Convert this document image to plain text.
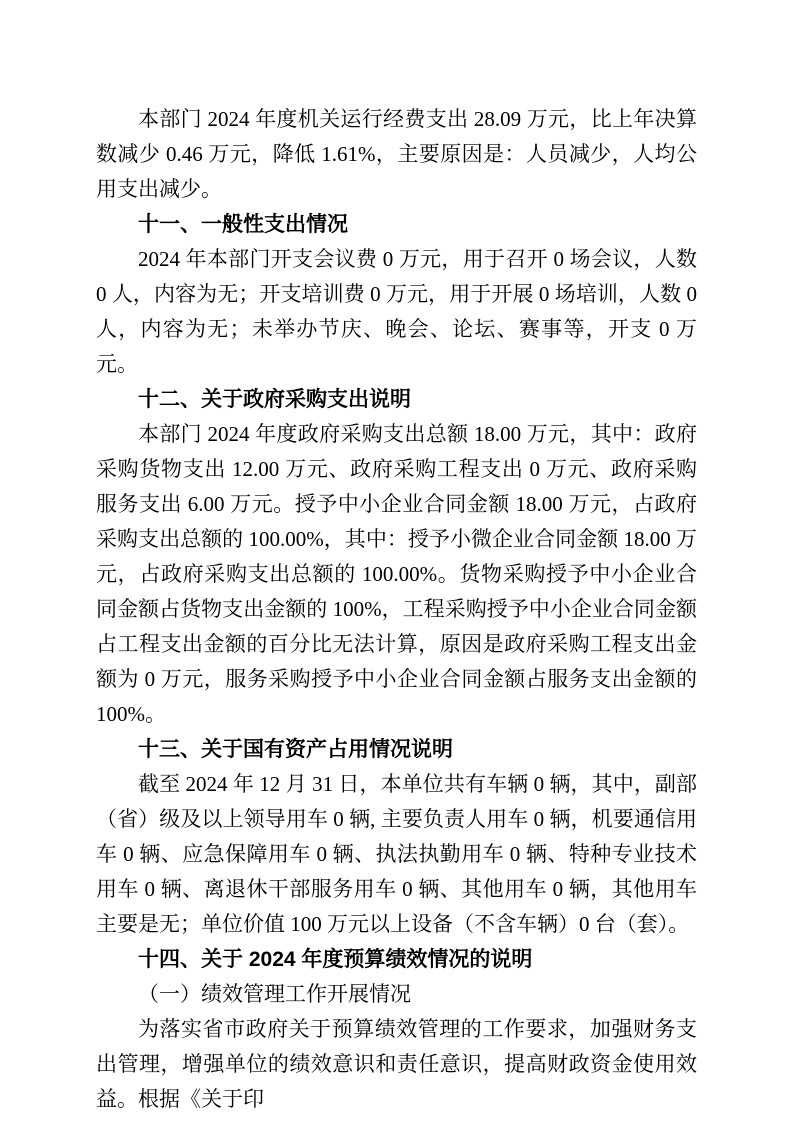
本部门 2024 年度机关运行经费支出 28.09 万元，比上年决算数减少 0.46 万元，降低 1.61%，主要原因是：人员减少，人均公用支出减少。

十一、一般性支出情况

2024 年本部门开支会议费 0 万元，用于召开 0 场会议，人数 0 人，内容为无；开支培训费 0 万元，用于开展 0 场培训，人数 0 人，内容为无；未举办节庆、晚会、论坛、赛事等，开支 0 万元。

十二、关于政府采购支出说明

本部门 2024 年度政府采购支出总额 18.00 万元，其中：政府采购货物支出 12.00 万元、政府采购工程支出 0 万元、政府采购服务支出 6.00 万元。授予中小企业合同金额 18.00 万元，占政府采购支出总额的 100.00%，其中：授予小微企业合同金额 18.00 万元，占政府采购支出总额的 100.00%。货物采购授予中小企业合同金额占货物支出金额的 100%，工程采购授予中小企业合同金额占工程支出金额的百分比无法计算，原因是政府采购工程支出金额为 0 万元，服务采购授予中小企业合同金额占服务支出金额的 100%。

十三、关于国有资产占用情况说明

截至 2024 年 12 月 31 日，本单位共有车辆 0 辆，其中，副部（省）级及以上领导用车 0 辆, 主要负责人用车 0 辆，机要通信用车 0 辆、应急保障用车 0 辆、执法执勤用车 0 辆、特种专业技术用车 0 辆、离退休干部服务用车 0 辆、其他用车 0 辆，其他用车主要是无；单位价值 100 万元以上设备（不含车辆）0 台（套）。

十四、关于 2024 年度预算绩效情况的说明
（一）绩效管理工作开展情况

为落实省市政府关于预算绩效管理的工作要求，加强财务支出管理，增强单位的绩效意识和责任意识，提高财政资金使用效益。根据《关于印
